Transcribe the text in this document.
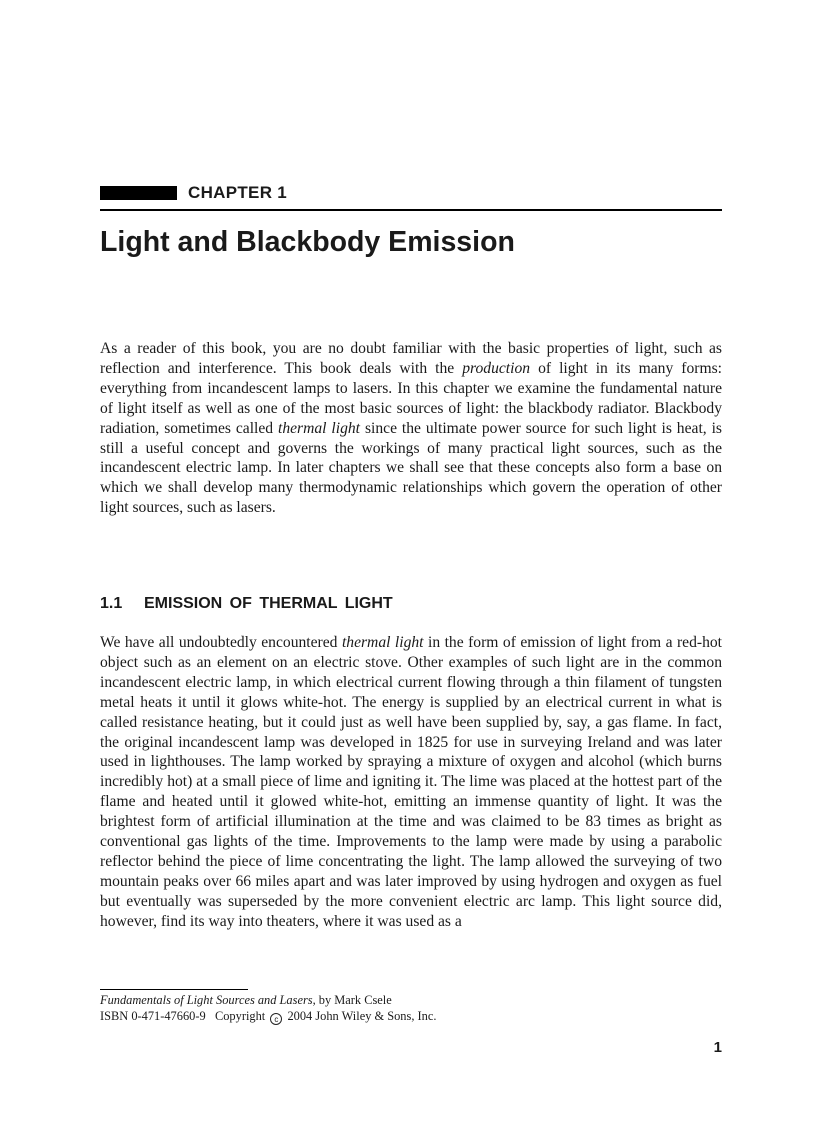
CHAPTER 1
Light and Blackbody Emission

As a reader of this book, you are no doubt familiar with the basic properties of light, such as reflection and interference. This book deals with the production of light in its many forms: everything from incandescent lamps to lasers. In this chapter we examine the fundamental nature of light itself as well as one of the most basic sources of light: the blackbody radiator. Blackbody radiation, sometimes called thermal light since the ultimate power source for such light is heat, is still a useful concept and governs the workings of many practical light sources, such as the incandescent electric lamp. In later chapters we shall see that these concepts also form a base on which we shall develop many thermodynamic relationships which govern the operation of other light sources, such as lasers.

1.1 EMISSION OF THERMAL LIGHT

We have all undoubtedly encountered thermal light in the form of emission of light from a red-hot object such as an element on an electric stove. Other examples of such light are in the common incandescent electric lamp, in which electrical current flowing through a thin filament of tungsten metal heats it until it glows white-hot. The energy is supplied by an electrical current in what is called resistance heating, but it could just as well have been supplied by, say, a gas flame. In fact, the original incandescent lamp was developed in 1825 for use in surveying Ireland and was later used in lighthouses. The lamp worked by spraying a mixture of oxygen and alcohol (which burns incredibly hot) at a small piece of lime and igniting it. The lime was placed at the hottest part of the flame and heated until it glowed white-hot, emitting an immense quantity of light. It was the brightest form of artificial illumination at the time and was claimed to be 83 times as bright as conventional gas lights of the time. Improvements to the lamp were made by using a parabolic reflector behind the piece of lime concentrating the light. The lamp allowed the surveying of two mountain peaks over 66 miles apart and was later improved by using hydrogen and oxygen as fuel but eventually was superseded by the more convenient electric arc lamp. This light source did, however, find its way into theaters, where it was used as a

Fundamentals of Light Sources and Lasers, by Mark Csele
ISBN 0-471-47660-9 Copyright c 2004 John Wiley & Sons, Inc.
1
